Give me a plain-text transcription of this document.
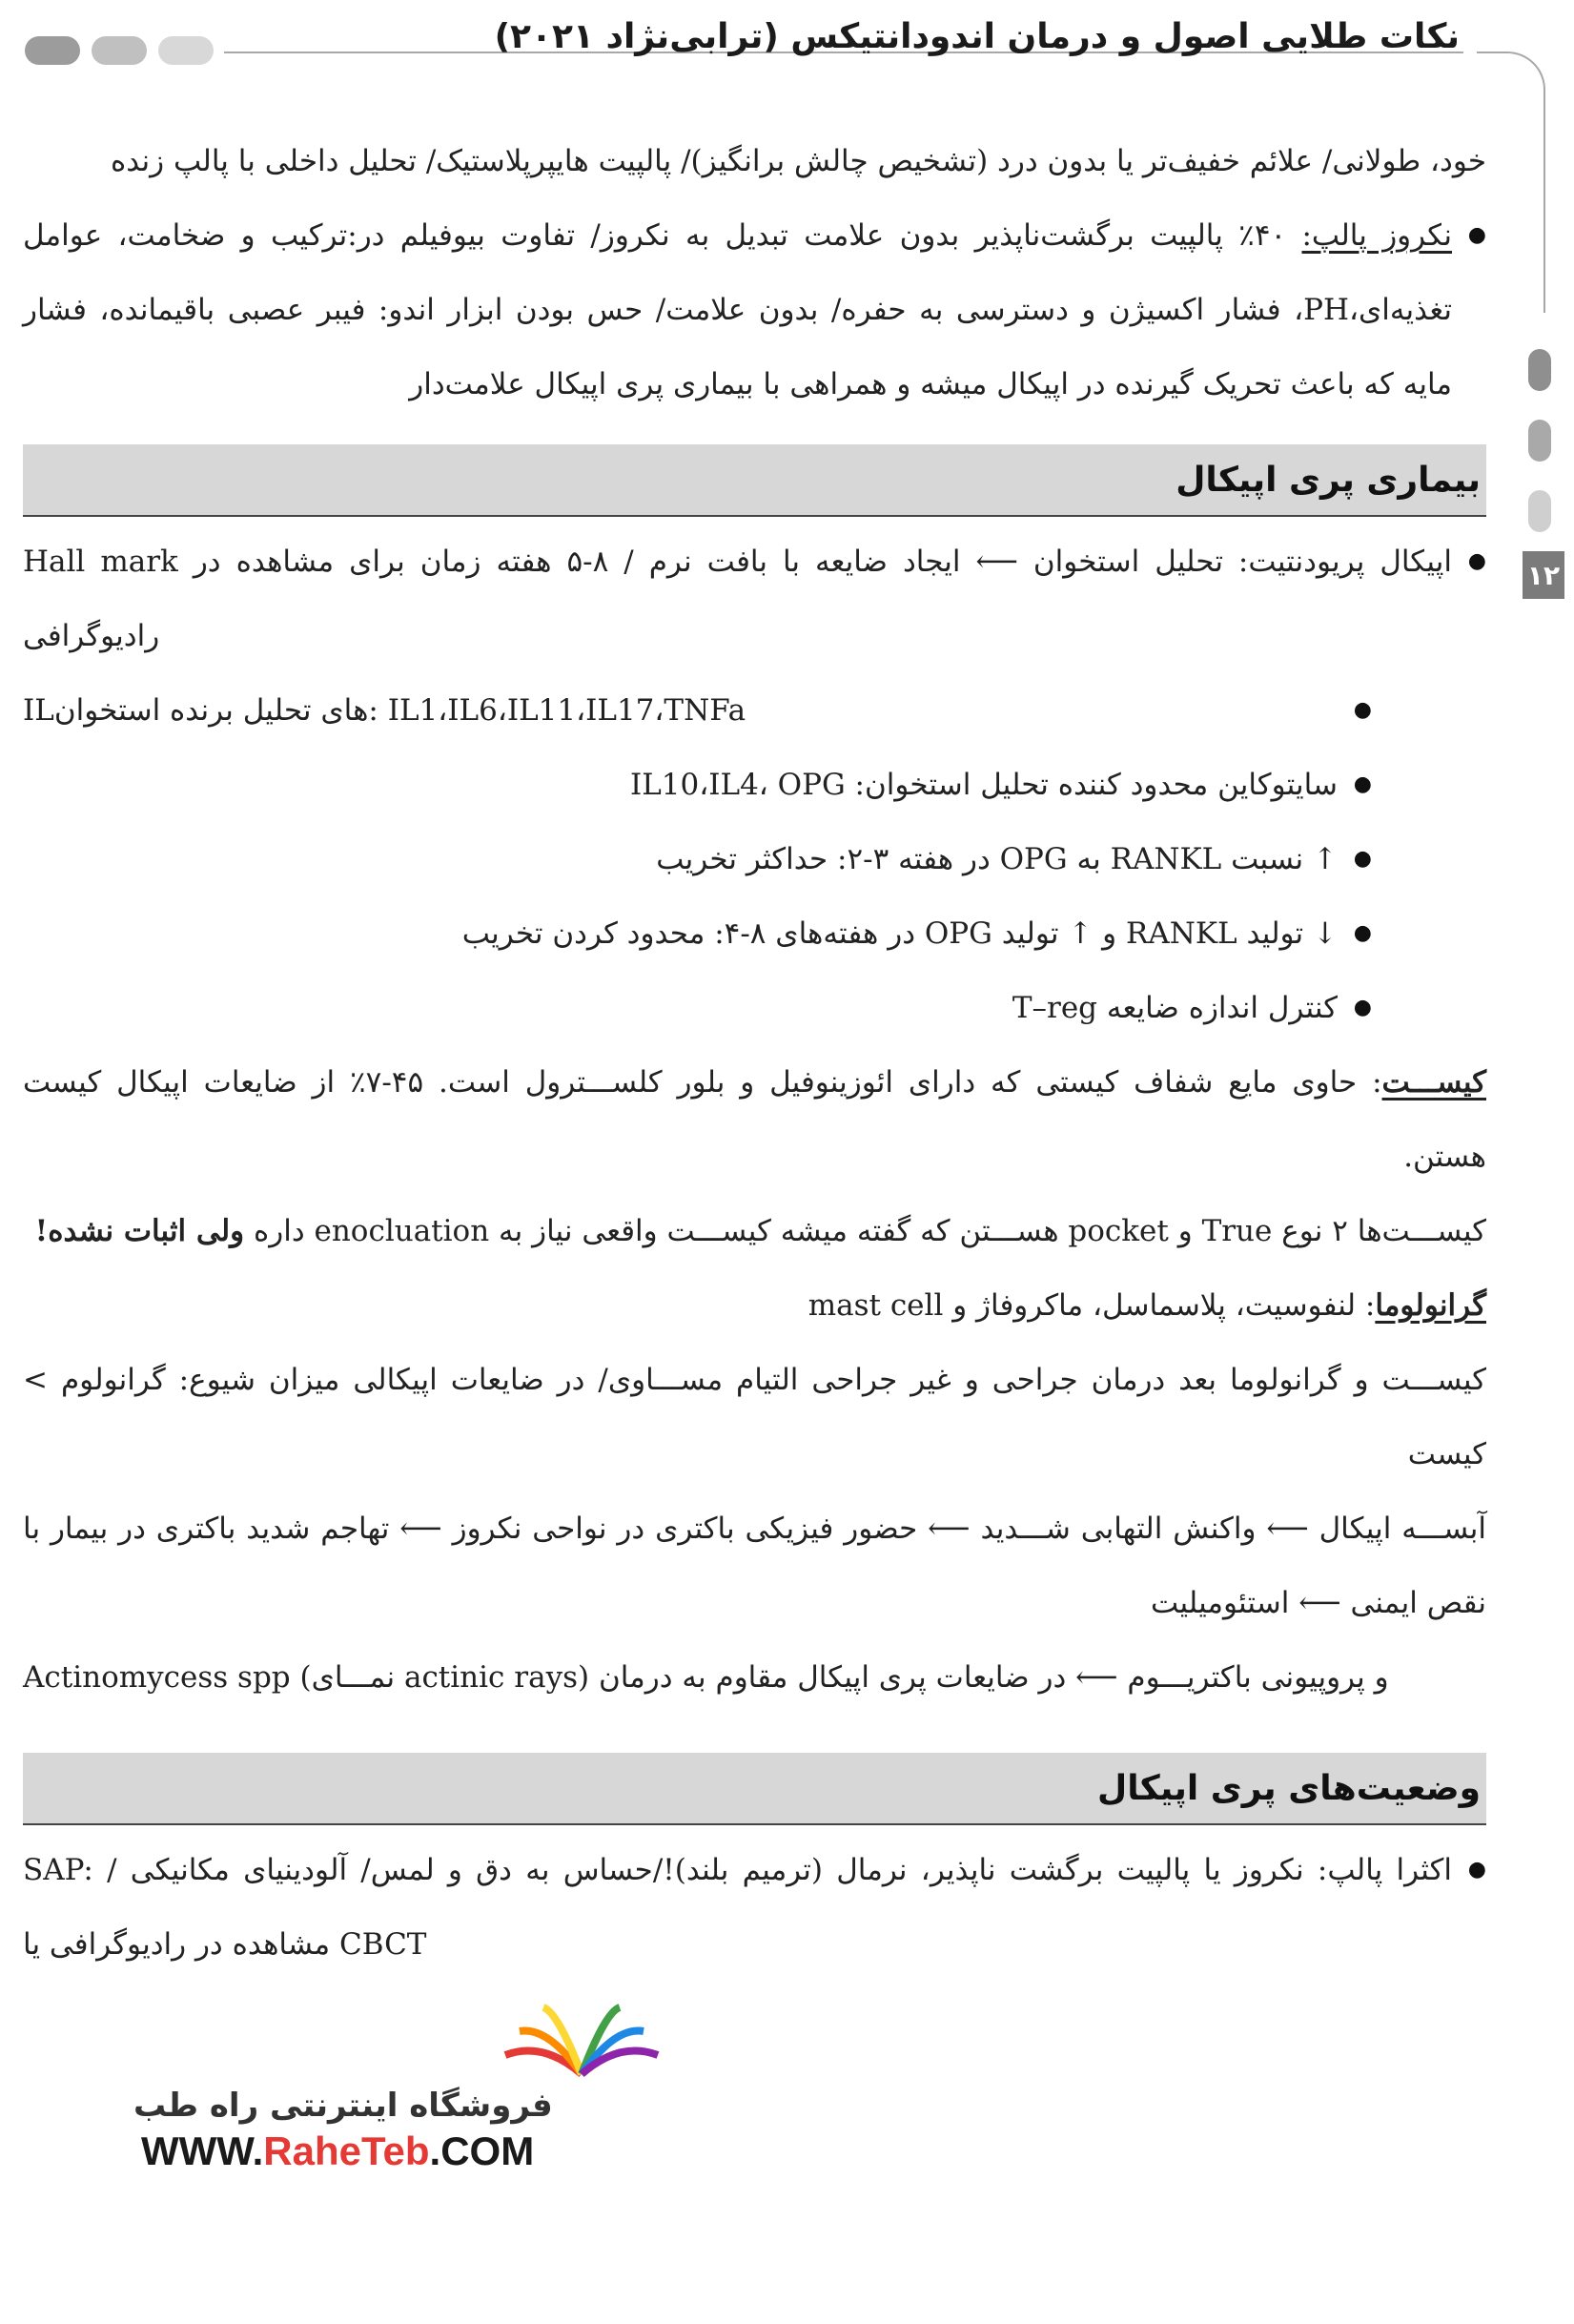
نکات طلایی اصول و درمان اندودانتیکس (ترابی‌نژاد ۲۰۲۱)
۱۲

خود، طولانی/ علائم خفیف‌تر یا بدون درد (تشخیص چالش برانگیز)/ پالپیت هایپرپلاستیک/ تحلیل داخلی با پالپ زنده

● نکروز پالپ: ۴۰٪ پالپیت برگشت‌ناپذیر بدون علامت تبدیل به نکروز/ تفاوت بیوفیلم در:ترکیب و ضخامت، عوامل تغذیه‌ای،PH، فشار اکسیژن و دسترسی به حفره/ بدون علامت/ حس بودن ابزار اندو: فیبر عصبی باقیمانده، فشار مایه که باعث تحریک گیرنده در اپیکال میشه و همراهی با بیماری پری اپیکال علامت‌دار

بیماری پری اپیکال

● Hall mark اپیکال پریودنتیت: تحلیل استخوان ⟵ ایجاد ضایعه با بافت نرم / ۸-۵ هفته زمان برای مشاهده در رادیوگرافی

● ILهای تحلیل برنده استخوان: IL1،IL6،IL11،IL17،TNFa

● سایتوکاین محدود کننده تحلیل استخوان: IL10،IL4، OPG

● ↑ نسبت RANKL به OPG در هفته ۳-۲: حداکثر تخریب

● ↓ تولید RANKL و ↑ تولید OPG در هفته‌های ۸-۴: محدود کردن تخریب

● کنترل اندازه ضایعه T–reg

کیســـت: حاوی مایع شفاف کیستی که دارای ائوزینوفیل و بلور کلســـترول است. ۴۵-۷٪ از ضایعات اپیکال کیست هستن.

کیســـت‌ها ۲ نوع True و pocket هســـتن که گفته میشه کیســـت واقعی نیاز به enocluation داره ولی اثبات نشده!

گرانولوما: لنفوسیت، پلاسماسل، ماکروفاژ و mast cell

کیســـت و گرانولوما بعد درمان جراحی و غیر جراحی التیام مســـاوی/ در ضایعات اپیکالی میزان شیوع: گرانولوم > کیست

آبســـه اپیکال ⟵ واکنش التهابی شـــدید ⟵ حضور فیزیکی باکتری در نواحی نکروز ⟵ تهاجم شدید باکتری در بیمار با نقص ایمنی ⟵ استئومیلیت

Actinomycess spp (نمـــای actinic rays) و پروپیونی باکتریـــوم ⟵ در ضایعات پری اپیکال مقاوم به درمان

وضعیت‌های پری اپیکال

● SAP: اکثرا پالپ: نکروز یا پالپیت برگشت ناپذیر، نرمال (ترمیم بلند)!/حساس به دق و لمس/ آلودینیای مکانیکی / مشاهده در رادیوگرافی یا CBCT

فروشگاه اینترنتی راه طب
WWW.RaheTeb.COM
